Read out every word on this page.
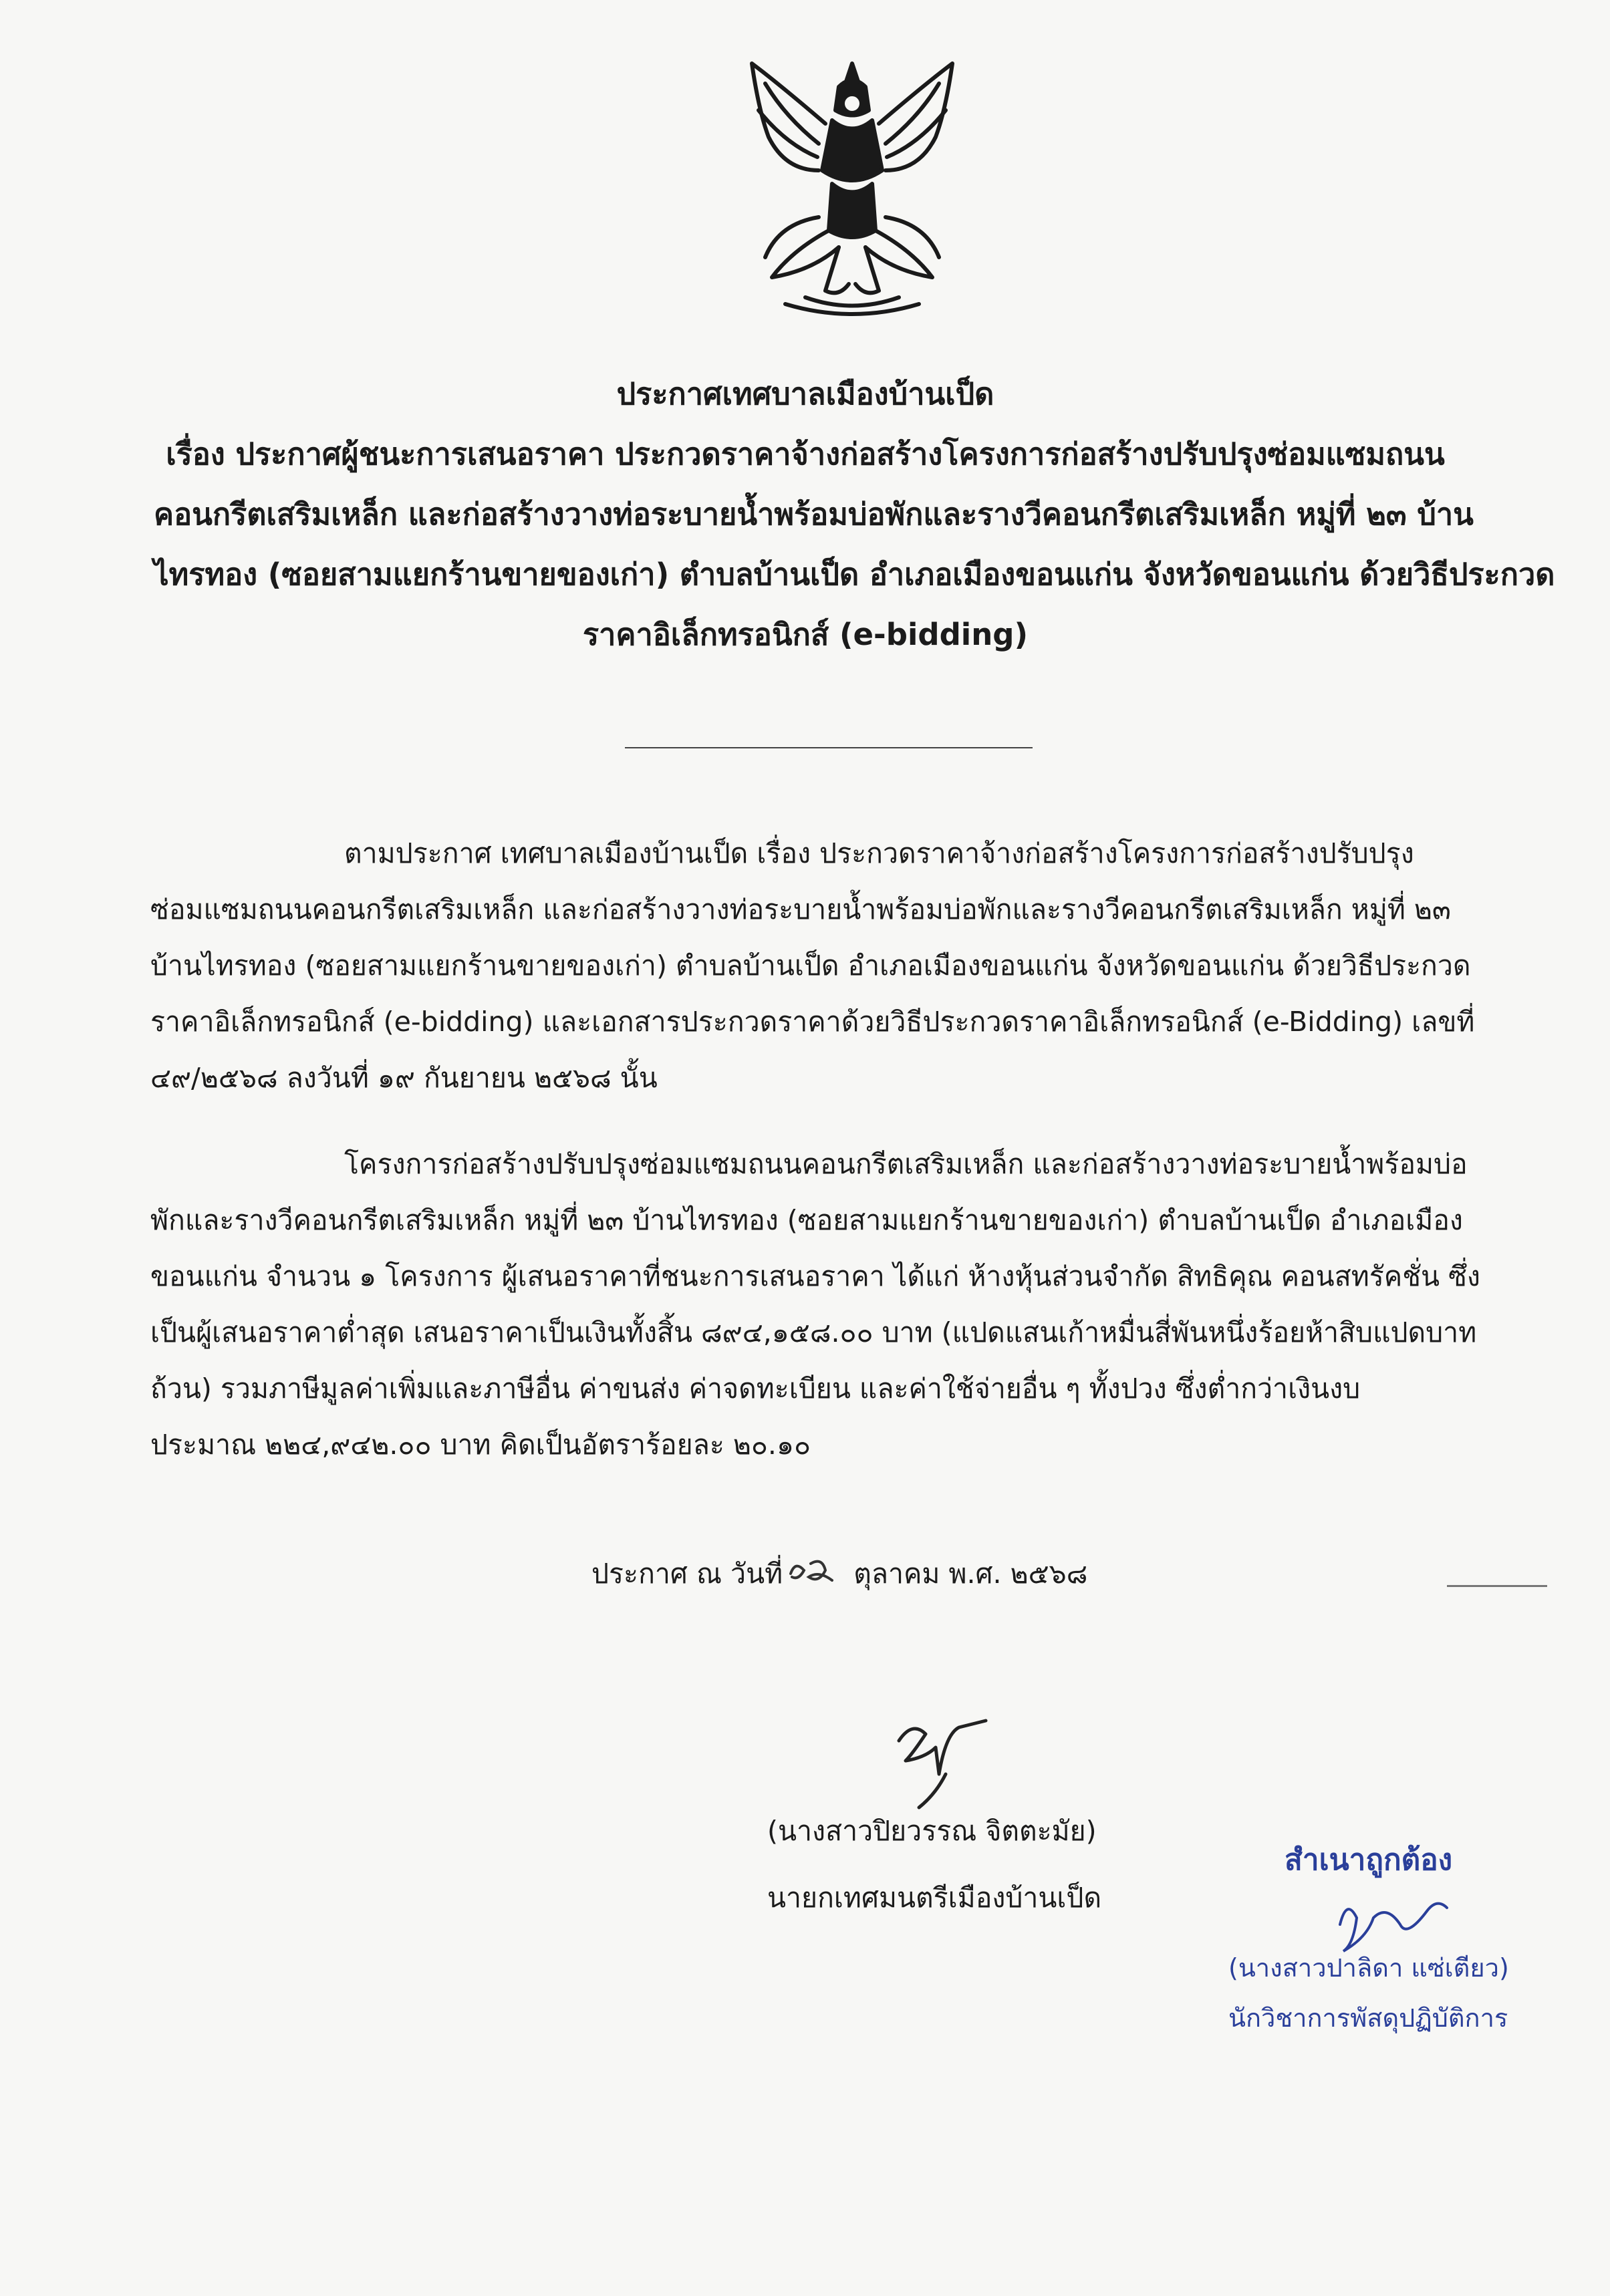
ประกาศเทศบาลเมืองบ้านเป็ด
เรื่อง ประกาศผู้ชนะการเสนอราคา ประกวดราคาจ้างก่อสร้างโครงการก่อสร้างปรับปรุงซ่อมแซมถนน
คอนกรีตเสริมเหล็ก และก่อสร้างวางท่อระบายน้ำพร้อมบ่อพักและรางวีคอนกรีตเสริมเหล็ก หมู่ที่ ๒๓ บ้าน
ไทรทอง (ซอยสามแยกร้านขายของเก่า) ตำบลบ้านเป็ด อำเภอเมืองขอนแก่น จังหวัดขอนแก่น ด้วยวิธีประกวด
ราคาอิเล็กทรอนิกส์ (e-bidding)
ตามประกาศ เทศบาลเมืองบ้านเป็ด เรื่อง ประกวดราคาจ้างก่อสร้างโครงการก่อสร้างปรับปรุง
ซ่อมแซมถนนคอนกรีตเสริมเหล็ก และก่อสร้างวางท่อระบายน้ำพร้อมบ่อพักและรางวีคอนกรีตเสริมเหล็ก หมู่ที่ ๒๓
บ้านไทรทอง (ซอยสามแยกร้านขายของเก่า) ตำบลบ้านเป็ด อำเภอเมืองขอนแก่น จังหวัดขอนแก่น ด้วยวิธีประกวด
ราคาอิเล็กทรอนิกส์ (e-bidding) และเอกสารประกวดราคาด้วยวิธีประกวดราคาอิเล็กทรอนิกส์ (e-Bidding) เลขที่
๔๙/๒๕๖๘ ลงวันที่ ๑๙ กันยายน ๒๕๖๘ นั้น
โครงการก่อสร้างปรับปรุงซ่อมแซมถนนคอนกรีตเสริมเหล็ก และก่อสร้างวางท่อระบายน้ำพร้อมบ่อ
พักและรางวีคอนกรีตเสริมเหล็ก หมู่ที่ ๒๓ บ้านไทรทอง (ซอยสามแยกร้านขายของเก่า) ตำบลบ้านเป็ด อำเภอเมือง
ขอนแก่น จำนวน ๑ โครงการ ผู้เสนอราคาที่ชนะการเสนอราคา ได้แก่ ห้างหุ้นส่วนจำกัด สิทธิคุณ คอนสทรัคชั่น ซึ่ง
เป็นผู้เสนอราคาต่ำสุด เสนอราคาเป็นเงินทั้งสิ้น ๘๙๔,๑๕๘.๐๐ บาท (แปดแสนเก้าหมื่นสี่พันหนึ่งร้อยห้าสิบแปดบาท
ถ้วน) รวมภาษีมูลค่าเพิ่มและภาษีอื่น ค่าขนส่ง ค่าจดทะเบียน และค่าใช้จ่ายอื่น ๆ ทั้งปวง ซึ่งต่ำกว่าเงินงบ
ประมาณ ๒๒๔,๙๔๒.๐๐ บาท คิดเป็นอัตราร้อยละ ๒๐.๑๐
ประกาศ ณ วันที่	ตุลาคม พ.ศ. ๒๕๖๘
(นางสาวปิยวรรณ จิตตะมัย)
นายกเทศมนตรีเมืองบ้านเป็ด
สำเนาถูกต้อง
(นางสาวปาลิดา แซ่เตียว)
นักวิชาการพัสดุปฏิบัติการ
